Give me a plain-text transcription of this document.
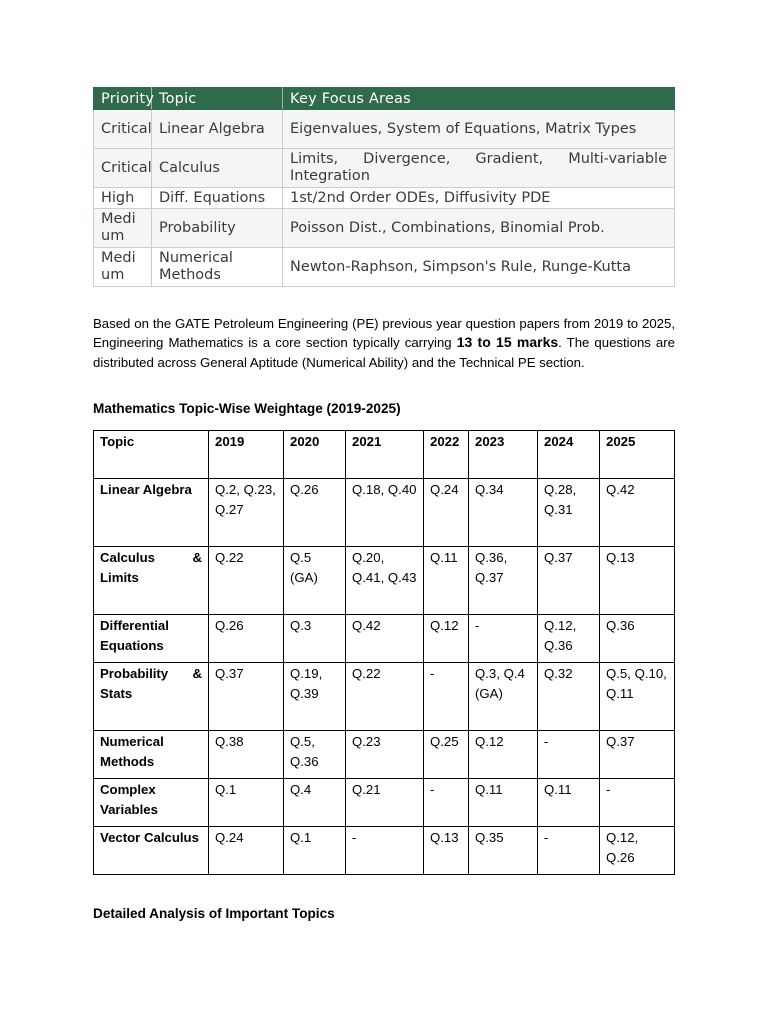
Priority	Topic	Key Focus Areas
Critical	Linear Algebra	Eigenvalues, System of Equations, Matrix Types
Critical	Calculus	Limits, Divergence, Gradient, Multi-variable Integration
High	Diff. Equations	1st/2nd Order ODEs, Diffusivity PDE
Medium	Probability	Poisson Dist., Combinations, Binomial Prob.
Medium	Numerical Methods	Newton-Raphson, Simpson's Rule, Runge-Kutta

Based on the GATE Petroleum Engineering (PE) previous year question papers from 2019 to 2025, Engineering Mathematics is a core section typically carrying 13 to 15 marks. The questions are distributed across General Aptitude (Numerical Ability) and the Technical PE section.

Mathematics Topic-Wise Weightage (2019-2025)
Topic	2019	2020	2021	2022	2023	2024	2025
Linear Algebra	Q.2, Q.23, Q.27	Q.26	Q.18, Q.40	Q.24	Q.34	Q.28, Q.31	Q.42
Calculus & Limits	Q.22	Q.5 (GA)	Q.20, Q.41, Q.43	Q.11	Q.36, Q.37	Q.37	Q.13
Differential Equations	Q.26	Q.3	Q.42	Q.12	-	Q.12, Q.36	Q.36
Probability & Stats	Q.37	Q.19, Q.39	Q.22	-	Q.3, Q.4 (GA)	Q.32	Q.5, Q.10, Q.11
Numerical Methods	Q.38	Q.5, Q.36	Q.23	Q.25	Q.12	-	Q.37
Complex Variables	Q.1	Q.4	Q.21	-	Q.11	Q.11	-
Vector Calculus	Q.24	Q.1	-	Q.13	Q.35	-	Q.12, Q.26
Detailed Analysis of Important Topics
